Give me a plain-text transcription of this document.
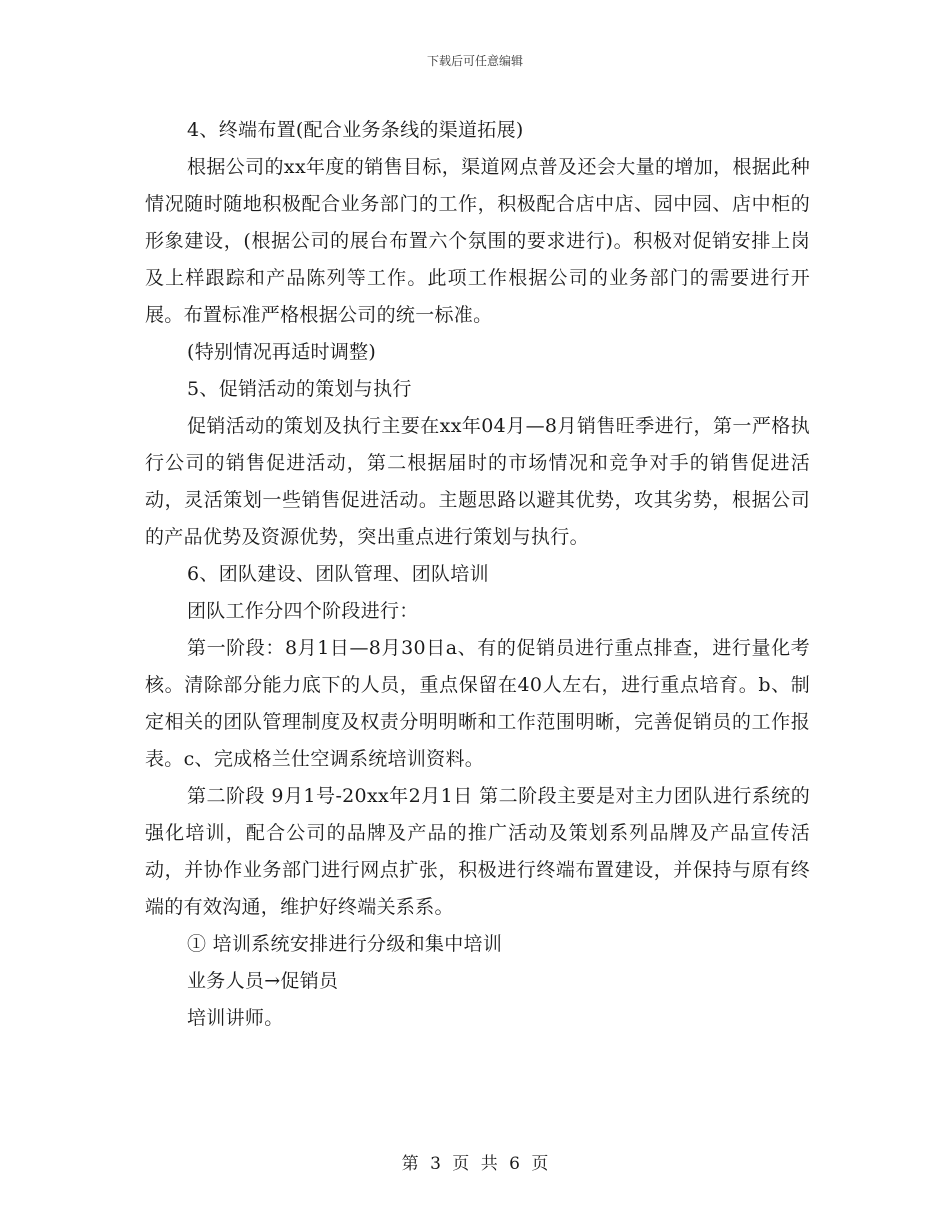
下载后可任意编辑

4、终端布置(配合业务条线的渠道拓展)

根据公司的xx年度的销售目标，渠道网点普及还会大量的增加，根据此种情况随时随地积极配合业务部门的工作，积极配合店中店、园中园、店中柜的形象建设，(根据公司的展台布置六个氛围的要求进行)。积极对促销安排上岗及上样跟踪和产品陈列等工作。此项工作根据公司的业务部门的需要进行开展。布置标准严格根据公司的统一标准。

(特别情况再适时调整)

5、促销活动的策划与执行

促销活动的策划及执行主要在xx年04月—8月销售旺季进行，第一严格执行公司的销售促进活动，第二根据届时的市场情况和竞争对手的销售促进活动，灵活策划一些销售促进活动。主题思路以避其优势，攻其劣势，根据公司的产品优势及资源优势，突出重点进行策划与执行。

6、团队建设、团队管理、团队培训

团队工作分四个阶段进行：

第一阶段：8月1日—8月30日a、有的促销员进行重点排查，进行量化考核。清除部分能力底下的人员，重点保留在40人左右，进行重点培育。b、制定相关的团队管理制度及权责分明明晰和工作范围明晰，完善促销员的工作报表。c、完成格兰仕空调系统培训资料。

第二阶段 9月1号-20xx年2月1日 第二阶段主要是对主力团队进行系统的强化培训，配合公司的品牌及产品的推广活动及策划系列品牌及产品宣传活动，并协作业务部门进行网点扩张，积极进行终端布置建设，并保持与原有终端的有效沟通，维护好终端关系系。

① 培训系统安排进行分级和集中培训

业务人员→促销员

培训讲师。

第 3 页 共 6 页
